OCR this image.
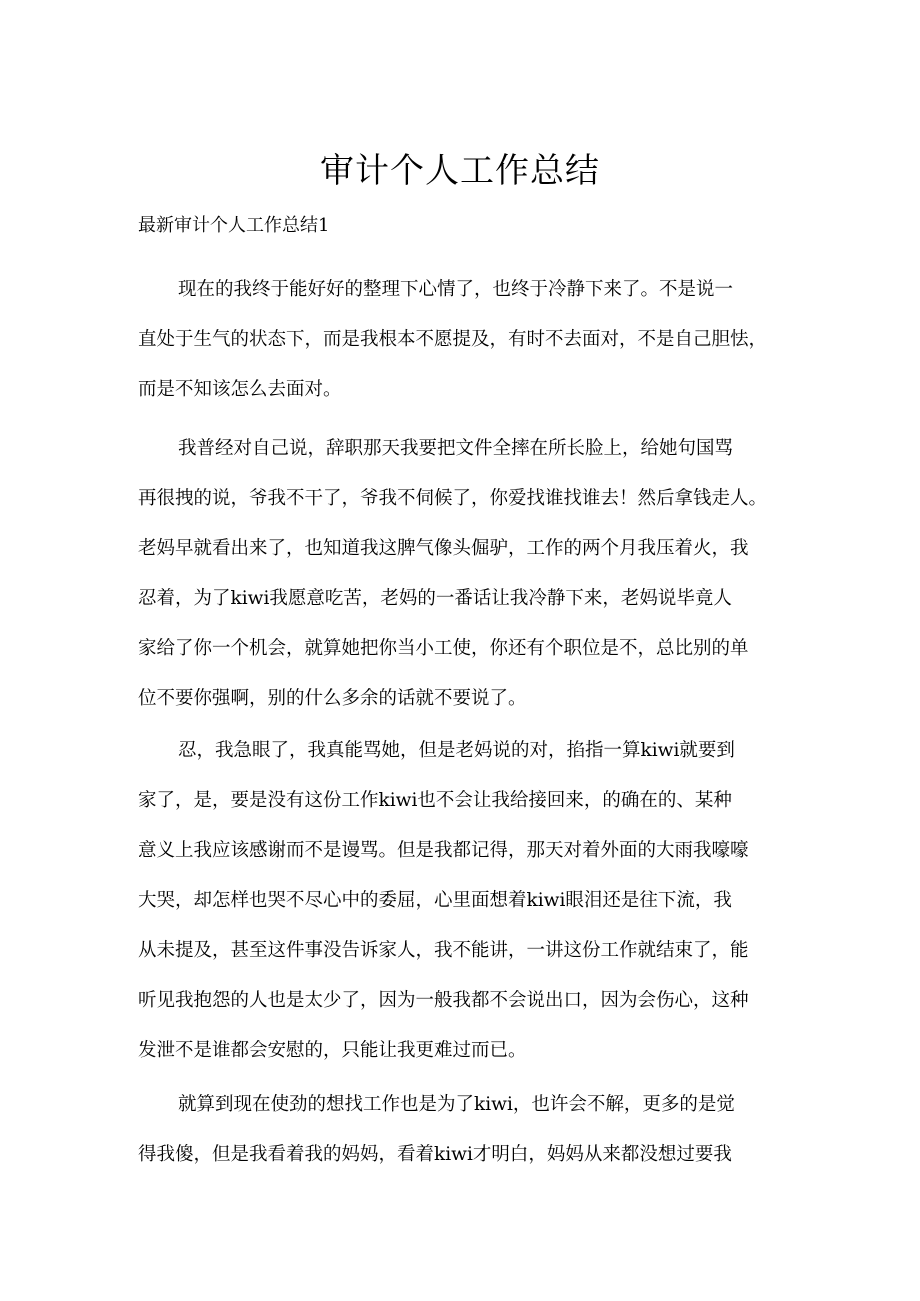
审计个人工作总结

最新审计个人工作总结1

现在的我终于能好好的整理下心情了，也终于冷静下来了。不是说一
直处于生气的状态下，而是我根本不愿提及，有时不去面对，不是自己胆怯，
而是不知该怎么去面对。
我普经对自己说，辞职那天我要把文件全摔在所长脸上，给她句国骂
再很拽的说，爷我不干了，爷我不伺候了，你爱找谁找谁去！然后拿钱走人。
老妈早就看出来了，也知道我这脾气像头倔驴，工作的两个月我压着火，我
忍着，为了kiwi我愿意吃苦，老妈的一番话让我冷静下来，老妈说毕竟人
家给了你一个机会，就算她把你当小工使，你还有个职位是不，总比别的单
位不要你强啊，别的什么多余的话就不要说了。
忍，我急眼了，我真能骂她，但是老妈说的对，掐指一算kiwi就要到
家了，是，要是没有这份工作kiwi也不会让我给接回来，的确在的、某种
意义上我应该感谢而不是谩骂。但是我都记得，那天对着外面的大雨我嚎嚎
大哭，却怎样也哭不尽心中的委屈，心里面想着kiwi眼泪还是往下流，我
从未提及，甚至这件事没告诉家人，我不能讲，一讲这份工作就结束了，能
听见我抱怨的人也是太少了，因为一般我都不会说出口，因为会伤心，这种
发泄不是谁都会安慰的，只能让我更难过而已。
就算到现在使劲的想找工作也是为了kiwi，也许会不解，更多的是觉
得我傻，但是我看着我的妈妈，看着kiwi才明白，妈妈从来都没想过要我
